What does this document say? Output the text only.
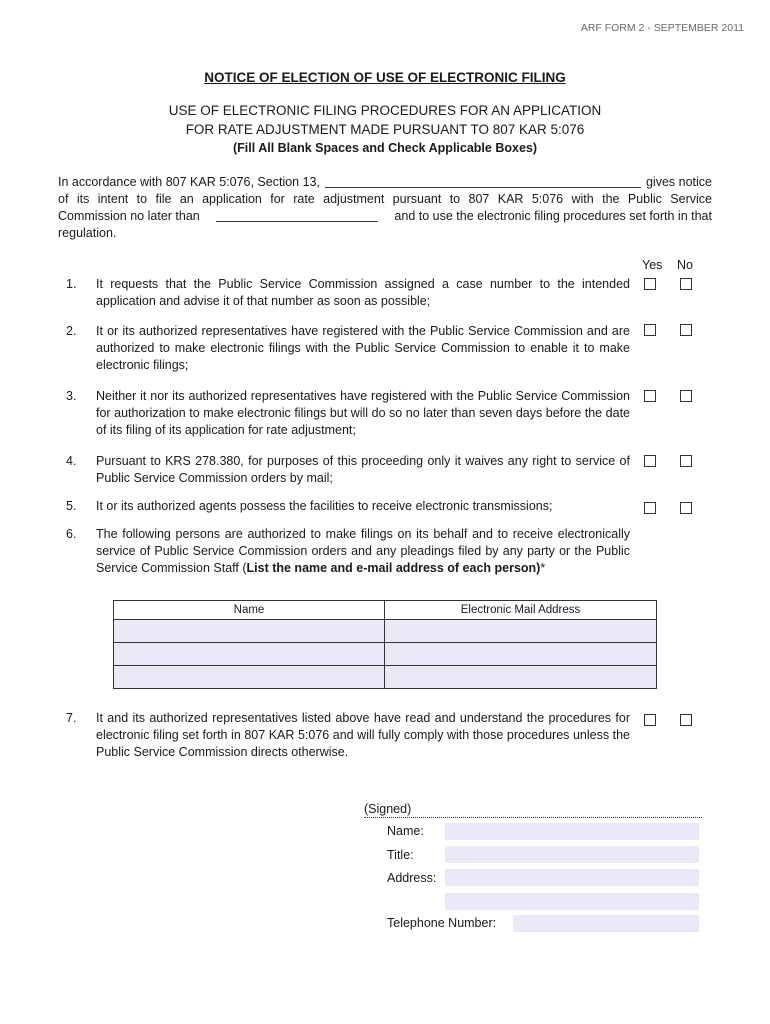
ARF FORM 2 - SEPTEMBER 2011
NOTICE OF ELECTION OF USE OF ELECTRONIC FILING
USE OF ELECTRONIC FILING PROCEDURES FOR AN APPLICATION
FOR RATE ADJUSTMENT MADE PURSUANT TO 807 KAR 5:076
(Fill All Blank Spaces and Check Applicable Boxes)
In accordance with 807 KAR 5:076, Section 13,	gives notice
of its intent to file an application for rate adjustment pursuant to 807 KAR 5:076 with the Public Service
Commission no later than	and to use the electronic filing procedures set forth in that
regulation.
Yes No
1.	It requests that the Public Service Commission assigned a case number to the intended application and advise it of that number as soon as possible;
2.	It or its authorized representatives have registered with the Public Service Commission and are authorized to make electronic filings with the Public Service Commission to enable it to make electronic filings;
3.	Neither it nor its authorized representatives have registered with the Public Service Commission for authorization to make electronic filings but will do so no later than seven days before the date of its filing of its application for rate adjustment;
4.	Pursuant to KRS 278.380, for purposes of this proceeding only it waives any right to service of Public Service Commission orders by mail;
5.	It or its authorized agents possess the facilities to receive electronic transmissions;
6.	The following persons are authorized to make filings on its behalf and to receive electronically service of Public Service Commission orders and any pleadings filed by any party or the Public Service Commission Staff (List the name and e-mail address of each person)*
Name	Electronic Mail Address

7.	It and its authorized representatives listed above have read and understand the procedures for electronic filing set forth in 807 KAR 5:076 and will fully comply with those procedures unless the Public Service Commission directs otherwise.
(Signed)
Name:
Title:
Address:
Telephone Number:
